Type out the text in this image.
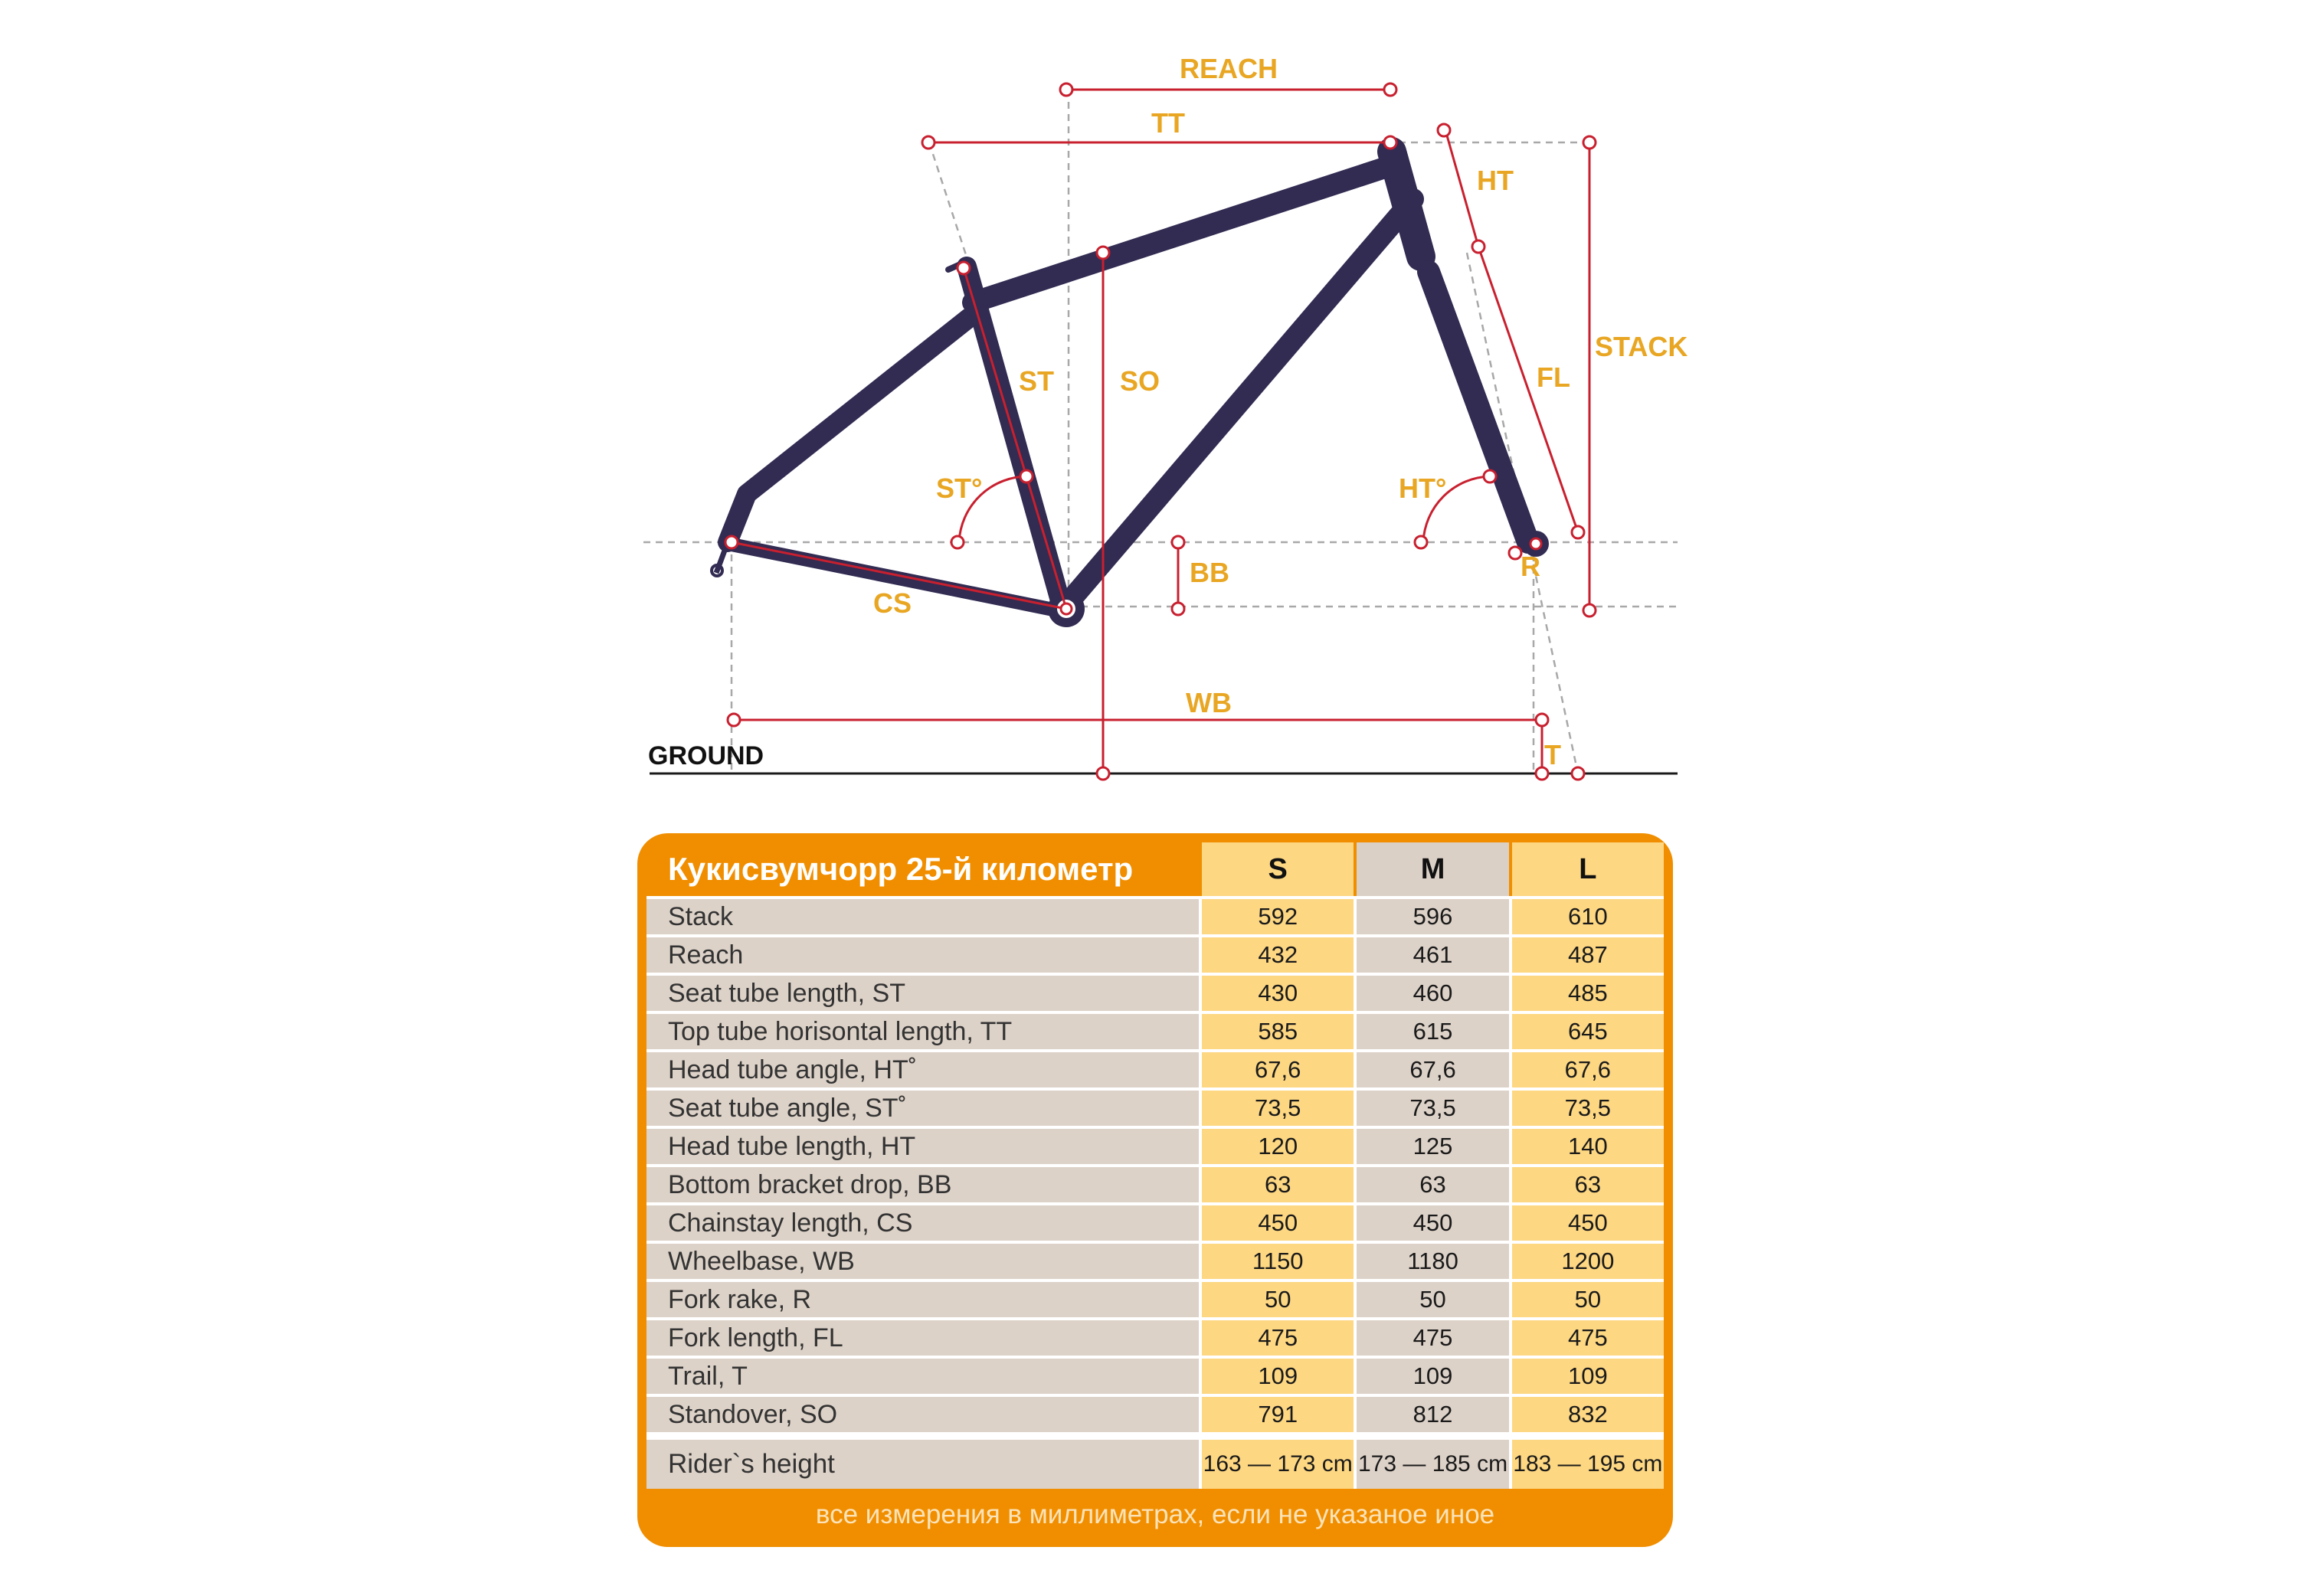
REACH
TT
HT
STACK
FL
ST SO
ST°	HT°
BB	R
CS
WB
GROUND	T
Кукисвумчорр 25-й километр	S	M	L
Stack	592	596	610
Reach	432	461	487
Seat tube length, ST	430	460	485
Top tube horisontal length, TT	585	615	645
Head tube angle, HT˚	67,6	67,6	67,6
Seat tube angle, ST˚	73,5	73,5	73,5
Head tube length, HT	120	125	140
Bottom bracket drop, BB	63	63	63
Chainstay length, CS	450	450	450
Wheelbase, WB	1150	1180	1200
Fork rake, R	50	50	50
Fork length, FL	475	475	475
Trail, T	109	109	109
Standover, SO	791	812	832
Rider`s height	163 — 173 cm	173 — 185 cm	183 — 195 cm
все измерения в миллиметрах, если не указаное иное
